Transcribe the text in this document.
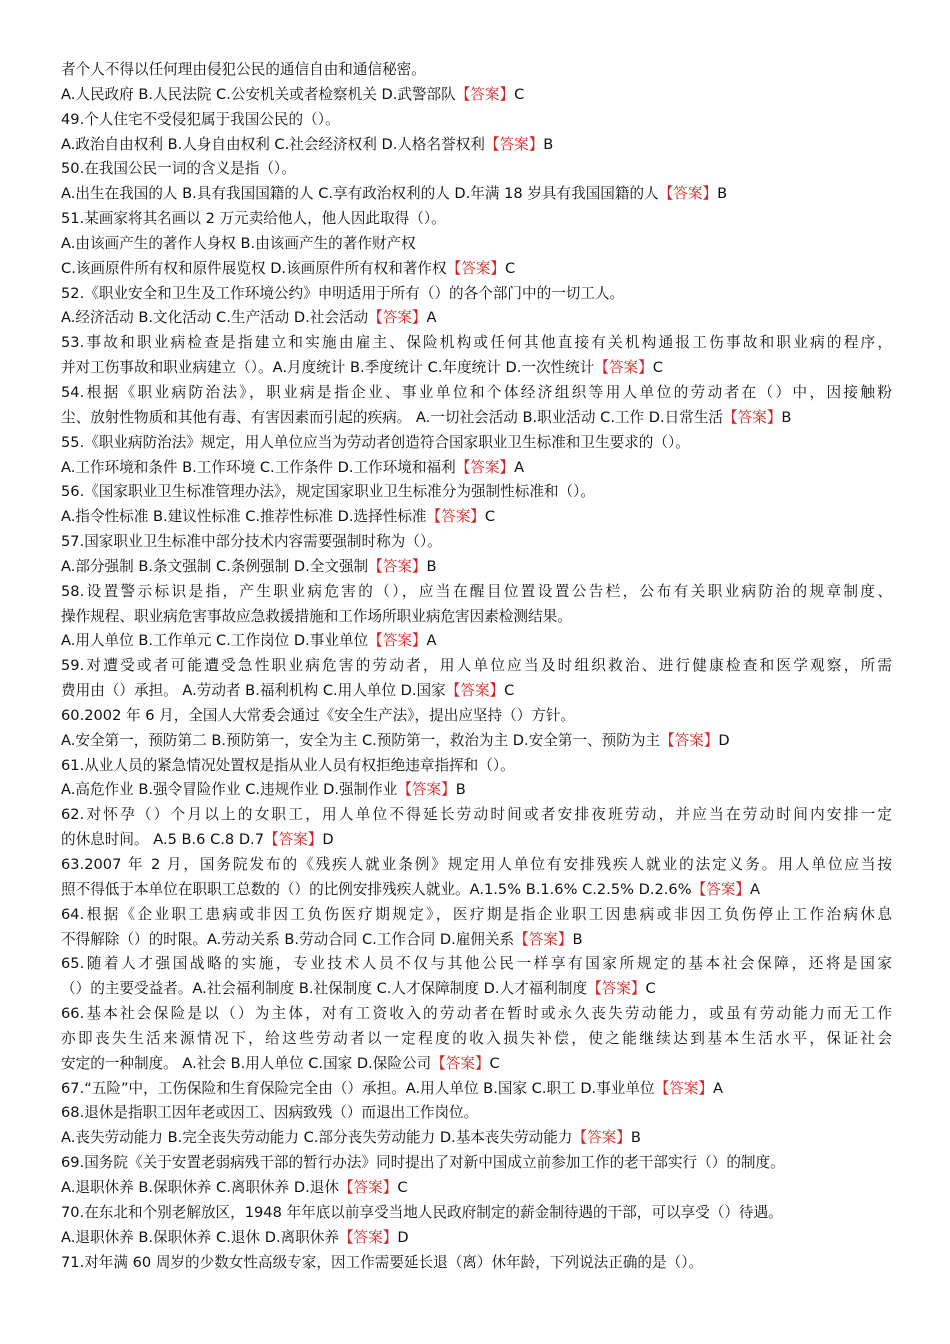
者个人不得以任何理由侵犯公民的通信自由和通信秘密。
A.人民政府 B.人民法院 C.公安机关或者检察机关 D.武警部队【答案】C
49.个人住宅不受侵犯属于我国公民的（）。
A.政治自由权利 B.人身自由权利 C.社会经济权利 D.人格名誉权利【答案】B
50.在我国公民一词的含义是指（）。
A.出生在我国的人 B.具有我国国籍的人 C.享有政治权利的人 D.年满 18 岁具有我国国籍的人【答案】B
51.某画家将其名画以 2 万元卖给他人，他人因此取得（）。
A.由该画产生的著作人身权 B.由该画产生的著作财产权
C.该画原件所有权和原件展览权 D.该画原件所有权和著作权【答案】C
52.《职业安全和卫生及工作环境公约》申明适用于所有（）的各个部门中的一切工人。
A.经济活动 B.文化活动 C.生产活动 D.社会活动【答案】A
53.事故和职业病检查是指建立和实施由雇主、保险机构或任何其他直接有关机构通报工伤事故和职业病的程序，
并对工伤事故和职业病建立（）。A.月度统计 B.季度统计 C.年度统计 D.一次性统计【答案】C
54.根据《职业病防治法》，职业病是指企业、事业单位和个体经济组织等用人单位的劳动者在（）中，因接触粉
尘、放射性物质和其他有毒、有害因素而引起的疾病。 A.一切社会活动 B.职业活动 C.工作 D.日常生活【答案】B
55.《职业病防治法》规定，用人单位应当为劳动者创造符合国家职业卫生标准和卫生要求的（）。
A.工作环境和条件 B.工作环境 C.工作条件 D.工作环境和福利【答案】A
56.《国家职业卫生标准管理办法》，规定国家职业卫生标准分为强制性标准和（）。
A.指令性标准 B.建议性标准 C.推荐性标准 D.选择性标准【答案】C
57.国家职业卫生标准中部分技术内容需要强制时称为（）。
A.部分强制 B.条文强制 C.条例强制 D.全文强制【答案】B
58.设置警示标识是指，产生职业病危害的（），应当在醒目位置设置公告栏，公布有关职业病防治的规章制度、
操作规程、职业病危害事故应急救援措施和工作场所职业病危害因素检测结果。
A.用人单位 B.工作单元 C.工作岗位 D.事业单位【答案】A
59.对遭受或者可能遭受急性职业病危害的劳动者，用人单位应当及时组织救治、进行健康检查和医学观察，所需
费用由（）承担。 A.劳动者 B.福利机构 C.用人单位 D.国家【答案】C
60.2002 年 6 月，全国人大常委会通过《安全生产法》，提出应坚持（）方针。
A.安全第一，预防第二 B.预防第一，安全为主 C.预防第一，救治为主 D.安全第一、预防为主【答案】D
61.从业人员的紧急情况处置权是指从业人员有权拒绝违章指挥和（）。
A.高危作业 B.强令冒险作业 C.违规作业 D.强制作业【答案】B
62.对怀孕（）个月以上的女职工，用人单位不得延长劳动时间或者安排夜班劳动，并应当在劳动时间内安排一定
的休息时间。 A.5 B.6 C.8 D.7【答案】D
63.2007 年 2 月，国务院发布的《残疾人就业条例》规定用人单位有安排残疾人就业的法定义务。用人单位应当按
照不得低于本单位在职职工总数的（）的比例安排残疾人就业。A.1.5% B.1.6% C.2.5% D.2.6%【答案】A
64.根据《企业职工患病或非因工负伤医疗期规定》，医疗期是指企业职工因患病或非因工负伤停止工作治病休息
不得解除（）的时限。A.劳动关系 B.劳动合同 C.工作合同 D.雇佣关系【答案】B
65.随着人才强国战略的实施，专业技术人员不仅与其他公民一样享有国家所规定的基本社会保障，还将是国家
（）的主要受益者。A.社会福利制度 B.社保制度 C.人才保障制度 D.人才福利制度【答案】C
66.基本社会保险是以（）为主体，对有工资收入的劳动者在暂时或永久丧失劳动能力，或虽有劳动能力而无工作
亦即丧失生活来源情况下，给这些劳动者以一定程度的收入损失补偿，使之能继续达到基本生活水平，保证社会
安定的一种制度。 A.社会 B.用人单位 C.国家 D.保险公司【答案】C
67.“五险”中，工伤保险和生育保险完全由（）承担。A.用人单位 B.国家 C.职工 D.事业单位【答案】A
68.退休是指职工因年老或因工、因病致残（）而退出工作岗位。
A.丧失劳动能力 B.完全丧失劳动能力 C.部分丧失劳动能力 D.基本丧失劳动能力【答案】B
69.国务院《关于安置老弱病残干部的暂行办法》同时提出了对新中国成立前参加工作的老干部实行（）的制度。
A.退职休养 B.保职休养 C.离职休养 D.退休【答案】C
70.在东北和个别老解放区，1948 年年底以前享受当地人民政府制定的薪金制待遇的干部，可以享受（）待遇。
A.退职休养 B.保职休养 C.退休 D.离职休养【答案】D
71.对年满 60 周岁的少数女性高级专家，因工作需要延长退（离）休年龄，下列说法正确的是（）。
